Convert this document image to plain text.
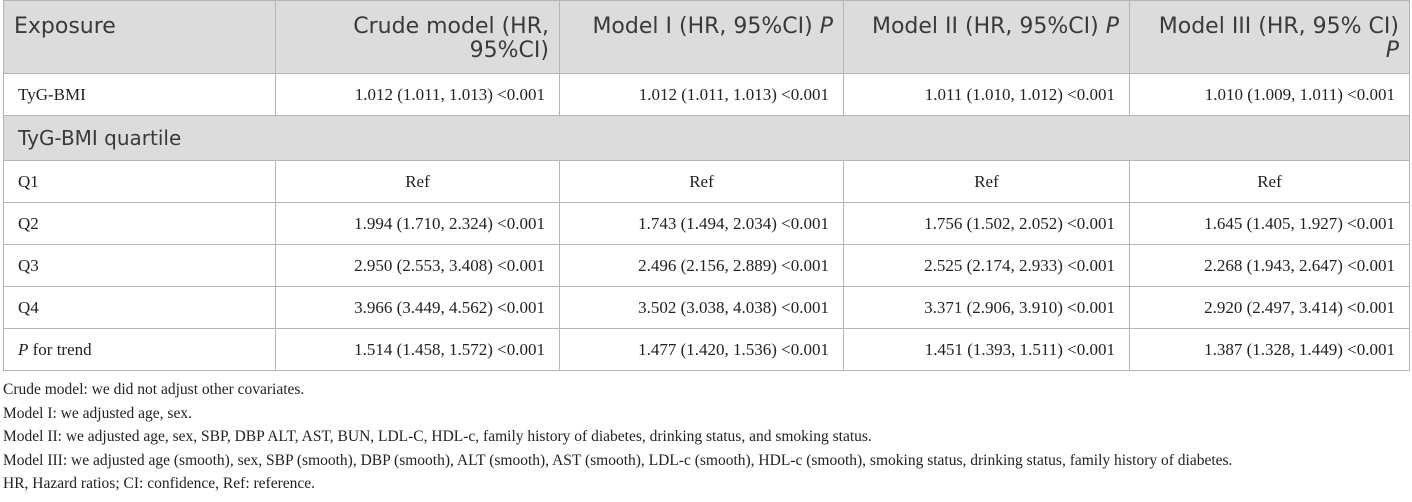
Exposure	Crude model (HR, 95%CI)	Model I (HR, 95%CI) P	Model II (HR, 95%CI) P	Model III (HR, 95% CI) P
TyG-BMI	1.012 (1.011, 1.013) <0.001	1.012 (1.011, 1.013) <0.001	1.011 (1.010, 1.012) <0.001	1.010 (1.009, 1.011) <0.001
TyG-BMI quartile				
Q1	Ref	Ref	Ref	Ref
Q2	1.994 (1.710, 2.324) <0.001	1.743 (1.494, 2.034) <0.001	1.756 (1.502, 2.052) <0.001	1.645 (1.405, 1.927) <0.001
Q3	2.950 (2.553, 3.408) <0.001	2.496 (2.156, 2.889) <0.001	2.525 (2.174, 2.933) <0.001	2.268 (1.943, 2.647) <0.001
Q4	3.966 (3.449, 4.562) <0.001	3.502 (3.038, 4.038) <0.001	3.371 (2.906, 3.910) <0.001	2.920 (2.497, 3.414) <0.001
P for trend	1.514 (1.458, 1.572) <0.001	1.477 (1.420, 1.536) <0.001	1.451 (1.393, 1.511) <0.001	1.387 (1.328, 1.449) <0.001
Crude model: we did not adjust other covariates.
Model I: we adjusted age, sex.
Model II: we adjusted age, sex, SBP, DBP ALT, AST, BUN, LDL-C, HDL-c, family history of diabetes, drinking status, and smoking status.
Model III: we adjusted age (smooth), sex, SBP (smooth), DBP (smooth), ALT (smooth), AST (smooth), LDL-c (smooth), HDL-c (smooth), smoking status, drinking status, family history of diabetes.
HR, Hazard ratios; CI: confidence, Ref: reference.
